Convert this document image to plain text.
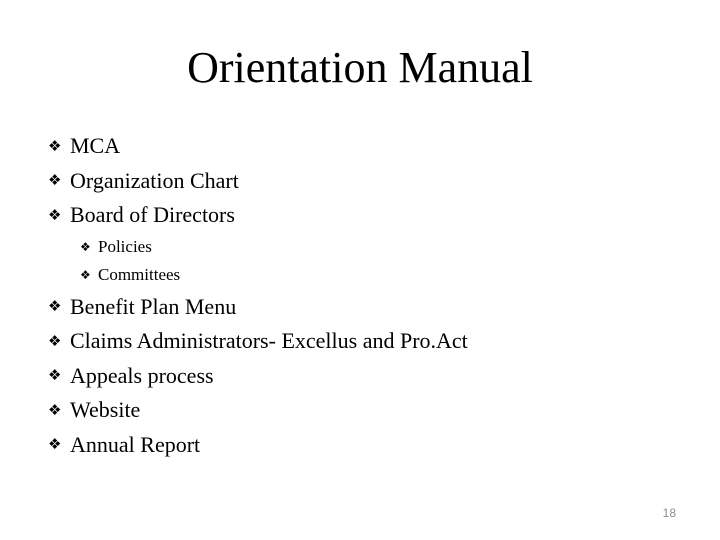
Orientation Manual
❖ MCA
❖ Organization Chart
❖ Board of Directors
❖ Policies
❖ Committees
❖ Benefit Plan Menu
❖ Claims Administrators- Excellus and Pro.Act
❖ Appeals process
❖ Website
❖ Annual Report
18
